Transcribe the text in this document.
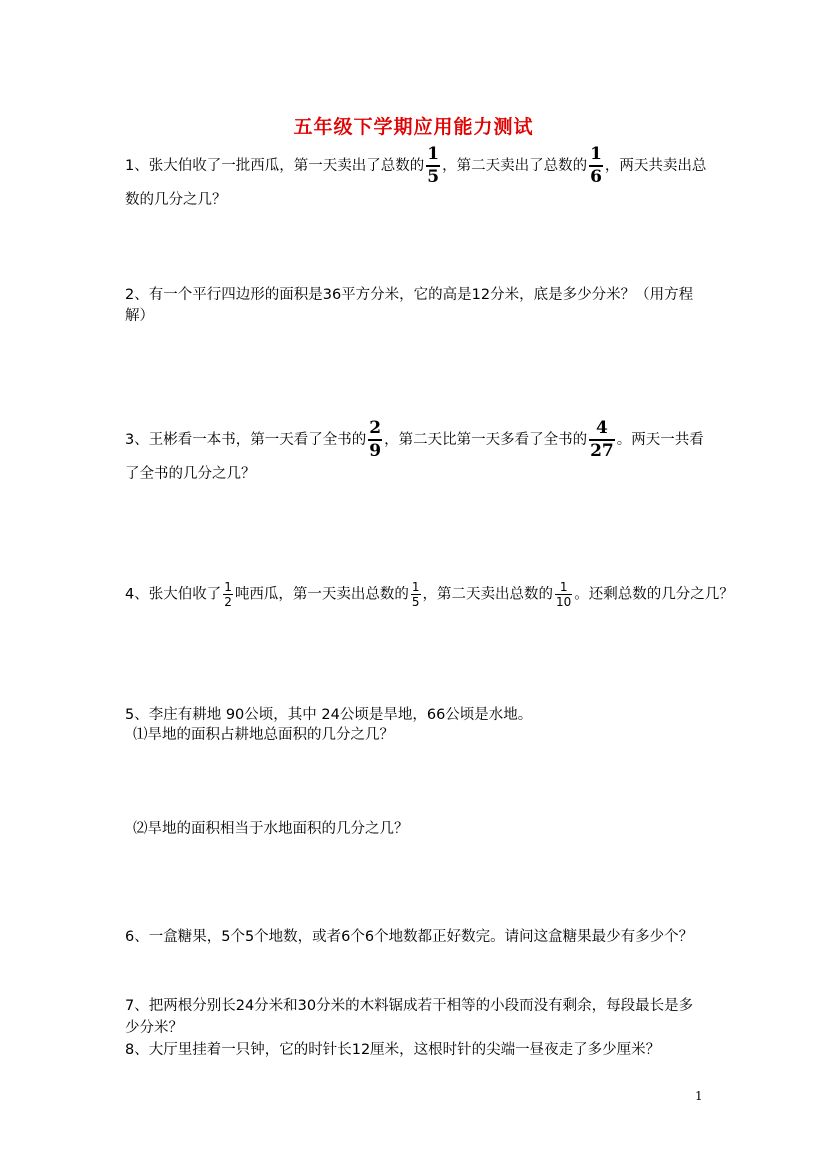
五年级下学期应用能力测试
1、张大伯收了一批西瓜，第一天卖出了总数的 $\frac{1}{5}$ ，第二天卖出了总数的 $\frac{1}{6}$ ，两天共卖出总
数的几分之几？
2、有一个平行四边形的面积是36平方分米，它的高是12分米，底是多少分米？（用方程
解）
3、王彬看一本书，第一天看了全书的 $\frac{2}{9}$ ，第二天比第一天多看了全书的 $\frac{4}{27}$ 。两天一共看
了全书的几分之几？
4、张大伯收了 $\frac{1}{2}$ 吨西瓜，第一天卖出总数的 $\frac{1}{5}$ ，第二天卖出总数的 $\frac{1}{10}$ 。还剩总数的几分之几？
5、李庄有耕地 90公顷，其中 24公顷是旱地，66公顷是水地。
⑴旱地的面积占耕地总面积的几分之几？
⑵旱地的面积相当于水地面积的几分之几？
6、一盒糖果，5个5个地数，或者6个6个地数都正好数完。请问这盒糖果最少有多少个？
7、把两根分别长24分米和30分米的木料锯成若干相等的小段而没有剩余，每段最长是多
少分米？
8、大厅里挂着一只钟，它的时针长12厘米，这根时针的尖端一昼夜走了多少厘米？
1
